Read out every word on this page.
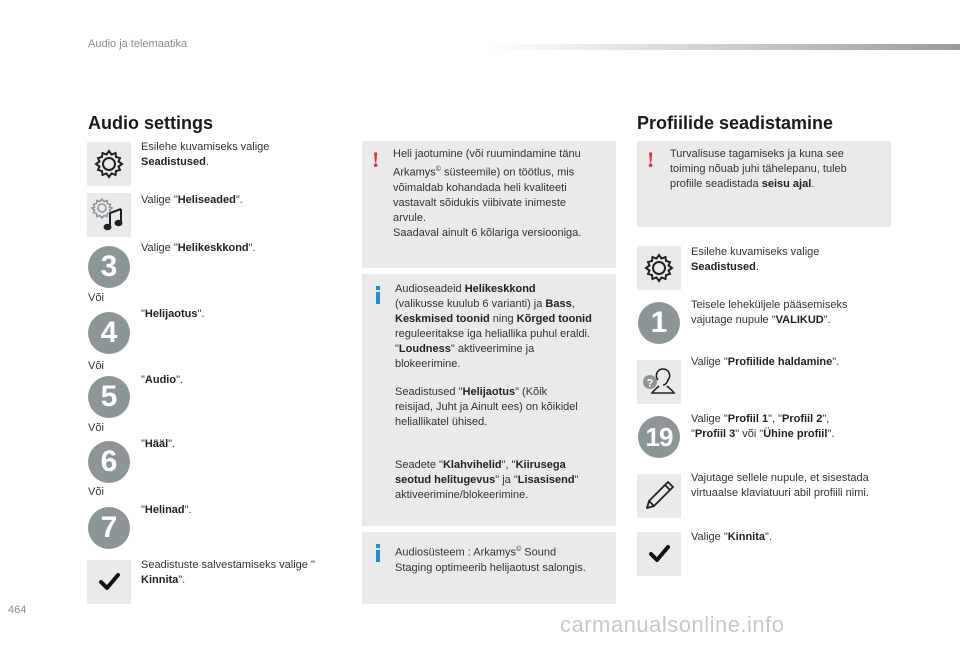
Audio ja telemaatika
464
Audio settings
Esilehe kuvamiseks valige
Seadistused.
Valige "Heliseaded".
3
Valige "Helikeskkond".
Või
4
"Helijaotus".
Või
5	"Audio".
Või
6
"Hääl".
Või
7
"Helinad".
Seadistuste salvestamiseks valige "
Kinnita".
! Heli jaotumine (või ruumindamine tänu
Arkamys© süsteemile) on töötlus, mis
võimaldab kohandada heli kvaliteeti
vastavalt sõidukis viibivate inimeste
arvule.
Saadaval ainult 6 kõlariga versiooniga.
Audioseadeid Helikeskkond
(valikusse kuulub 6 varianti) ja Bass,
Keskmised toonid ning Kõrged toonid
reguleeritakse iga heliallika puhul eraldi.
"Loudness" aktiveerimine ja
blokeerimine.
Seadistused "Helijaotus" (Kõik
reisijad, Juht ja Ainult ees) on kõikidel
heliallikatel ühised.
Seadete "Klahvihelid", "Kiirusega
seotud helitugevus" ja "Lisasisend"
aktiveerimine/blokeerimine.
Audiosüsteem : Arkamys© Sound
Staging optimeerib helijaotust salongis.
Profiilide seadistamine
! Turvalisuse tagamiseks ja kuna see
toiming nõuab juhi tähelepanu, tuleb
profiile seadistada seisu ajal.
Esilehe kuvamiseks valige
Seadistused.
1
Teisele leheküljele pääsemiseks
vajutage nupule "VALIKUD".
?
Valige "Profiilide haldamine".
19
Valige "Profiil 1", "Profiil 2",
"Profiil 3" või "Ühine profiil".
Vajutage sellele nupule, et sisestada
virtuaalse klaviatuuri abil profiili nimi.
Valige "Kinnita".
carmanualsonline.info
